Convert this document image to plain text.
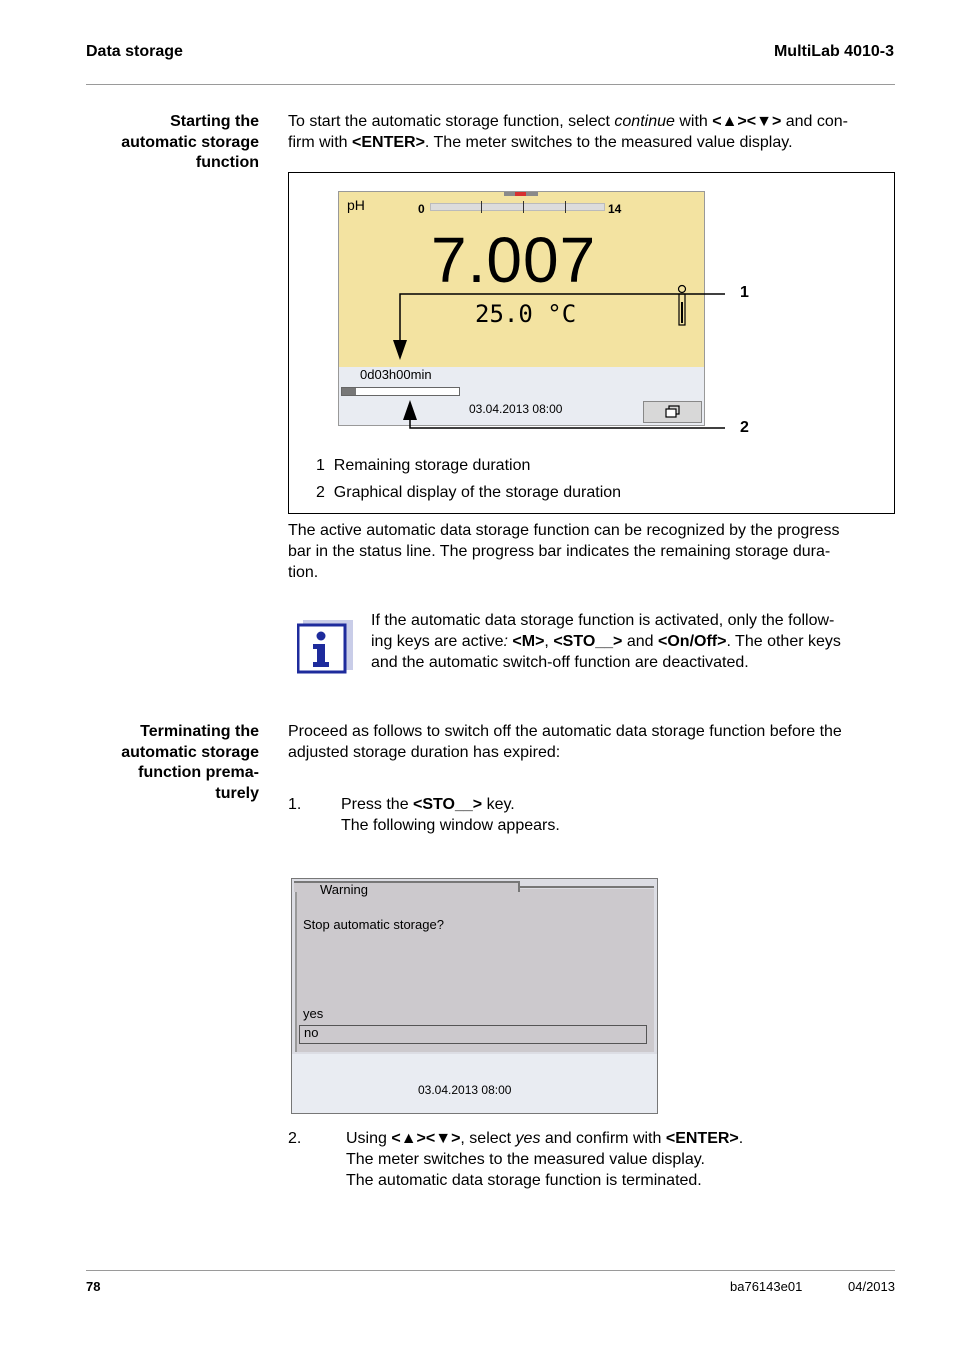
Data storage	MultiLab 4010-3
Starting the
automatic storage
function
To start the automatic storage function, select continue with <▲><▼> and con-
firm with <ENTER>. The meter switches to the measured value display.
pH	0	14
7.007
25.0 °C
0d03h00min
03.04.2013 08:00
1
2
1 Remaining storage duration
2 Graphical display of the storage duration
The active automatic data storage function can be recognized by the progress
bar in the status line. The progress bar indicates the remaining storage dura-
tion.
If the automatic data storage function is activated, only the follow-
ing keys are active: <M>, <STO__> and <On/Off>. The other keys
and the automatic switch-off function are deactivated.
Terminating the
automatic storage
function prema-
turely
Proceed as follows to switch off the automatic data storage function before the
adjusted storage duration has expired:
1. Press the <STO__> key.
The following window appears.
Stop automatic storage?
yes
no
Warning
03.04.2013 08:00
2.	Using <▲><▼>, select yes and confirm with <ENTER>.
The meter switches to the measured value display.
The automatic data storage function is terminated.
78	ba76143e01	04/2013
